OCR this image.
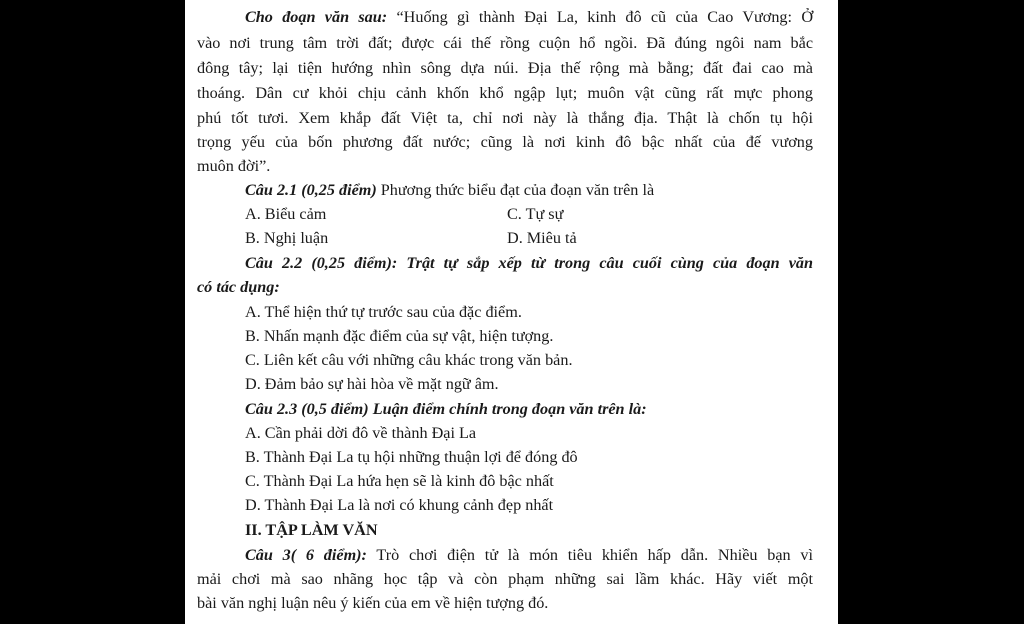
Cho đoạn văn sau: “Huống gì thành Đại La, kinh đô cũ của Cao Vương: Ở
vào nơi trung tâm trời đất; được cái thế rồng cuộn hổ ngồi. Đã đúng ngôi nam bắc
đông tây; lại tiện hướng nhìn sông dựa núi. Địa thế rộng mà bằng; đất đai cao mà
thoáng. Dân cư khỏi chịu cảnh khốn khổ ngập lụt; muôn vật cũng rất mực phong
phú tốt tươi. Xem khắp đất Việt ta, chỉ nơi này là thắng địa. Thật là chốn tụ hội
trọng yếu của bốn phương đất nước; cũng là nơi kinh đô bậc nhất của đế vương
muôn đời”.
Câu 2.1 (0,25 điểm) Phương thức biểu đạt của đoạn văn trên là
A. Biểu cảm	C. Tự sự
B. Nghị luận	D. Miêu tả
Câu 2.2 (0,25 điểm): Trật tự sắp xếp từ trong câu cuối cùng của đoạn văn
có tác dụng:
A. Thể hiện thứ tự trước sau của đặc điểm.
B. Nhấn mạnh đặc điểm của sự vật, hiện tượng.
C. Liên kết câu với những câu khác trong văn bản.
D. Đảm bảo sự hài hòa về mặt ngữ âm.
Câu 2.3 (0,5 điểm) Luận điểm chính trong đoạn văn trên là:
A. Cần phải dời đô về thành Đại La
B. Thành Đại La tụ hội những thuận lợi để đóng đô
C. Thành Đại La hứa hẹn sẽ là kinh đô bậc nhất
D. Thành Đại La là nơi có khung cảnh đẹp nhất
II. TẬP LÀM VĂN
Câu 3( 6 điểm): Trò chơi điện tử là món tiêu khiển hấp dẫn. Nhiều bạn vì
mải chơi mà sao nhãng học tập và còn phạm những sai lầm khác. Hãy viết một
bài văn nghị luận nêu ý kiến của em về hiện tượng đó.
